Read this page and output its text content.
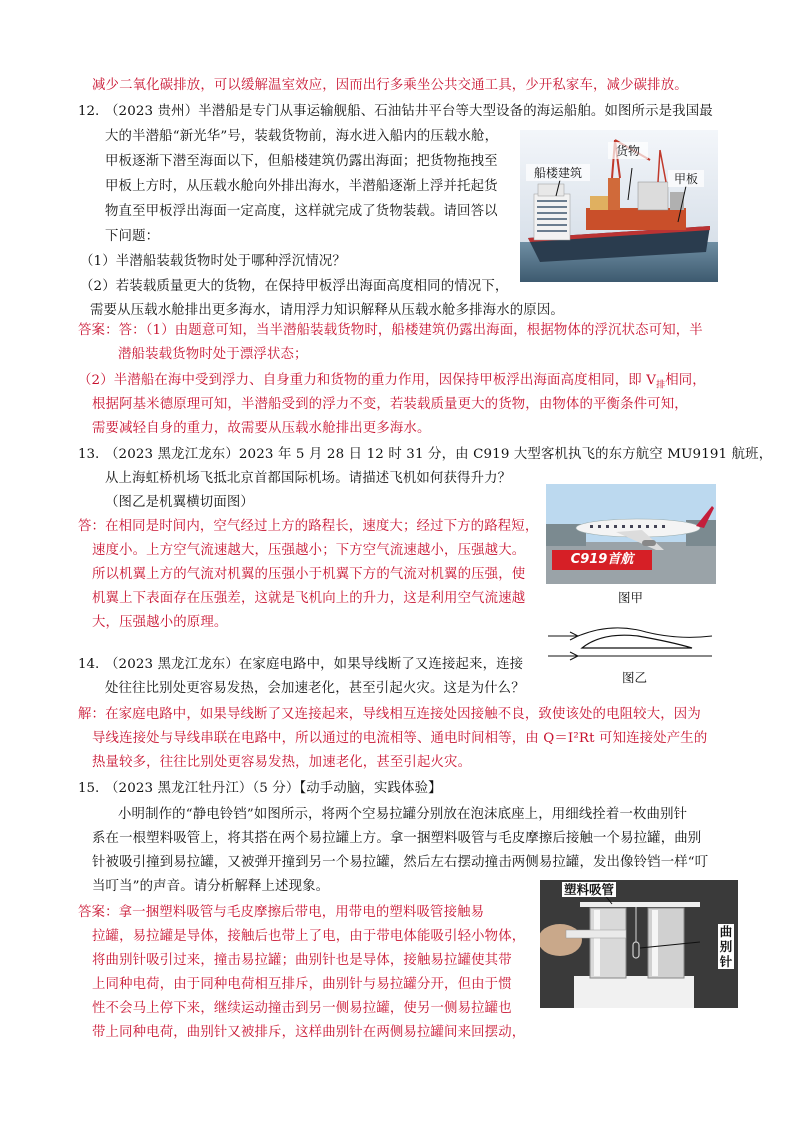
减少二氧化碳排放，可以缓解温室效应，因而出行多乘坐公共交通工具，少开私家车，减少碳排放。
12. （2023 贵州）半潜船是专门从事运输舰船、石油钻井平台等大型设备的海运船舶。如图所示是我国最
大的半潜船“新光华”号，装载货物前，海水进入船内的压载水舱，
甲板逐渐下潜至海面以下，但船楼建筑仍露出海面；把货物拖拽至
甲板上方时，从压载水舱向外排出海水，半潜船逐渐上浮并托起货
物直至甲板浮出海面一定高度，这样就完成了货物装载。请回答以
下问题：
（1）半潜船装载货物时处于哪种浮沉情况？
（2）若装载质量更大的货物，在保持甲板浮出海面高度相同的情况下，
需要从压载水舱排出更多海水，请用浮力知识解释从压载水舱多排海水的原因。
货物
船楼建筑	甲板
答案：答：（1）由题意可知，当半潜船装载货物时，船楼建筑仍露出海面，根据物体的浮沉状态可知，半
潜船装载货物时处于漂浮状态；
（2）半潜船在海中受到浮力、自身重力和货物的重力作用，因保持甲板浮出海面高度相同，即 $V_排$相同，
根据阿基米德原理可知，半潜船受到的浮力不变，若装载质量更大的货物，由物体的平衡条件可知，
需要减轻自身的重力，故需要从压载水舱排出更多海水。
13. （2023 黑龙江龙东）2023 年 5 月 28 日 12 时 31 分，由 C919 大型客机执飞的东方航空 MU9191 航班，
从上海虹桥机场飞抵北京首都国际机场。请描述飞机如何获得升力？
（图乙是机翼横切面图）
答：在相同是时间内，空气经过上方的路程长，速度大；经过下方的路程短，
速度小。上方空气流速越大，压强越小；下方空气流速越小，压强越大。
所以机翼上方的气流对机翼的压强小于机翼下方的气流对机翼的压强，使
机翼上下表面存在压强差，这就是飞机向上的升力，这是利用空气流速越
大，压强越小的原理。
C919首航
图甲
图乙
14. （2023 黑龙江龙东）在家庭电路中，如果导线断了又连接起来，连接
处往往比别处更容易发热，会加速老化，甚至引起火灾。这是为什么？
解：在家庭电路中，如果导线断了又连接起来，导线相互连接处因接触不良，致使该处的电阻较大，因为
导线连接处与导线串联在电路中，所以通过的电流相等、通电时间相等，由 Q＝I²Rt 可知连接处产生的
热量较多，往往比别处更容易发热，加速老化，甚至引起火灾。
15. （2023 黑龙江牡丹江）（5 分）【动手动脑，实践体验】
小明制作的“静电铃铛”如图所示，将两个空易拉罐分别放在泡沫底座上，用细线拴着一枚曲别针
系在一根塑料吸管上，将其搭在两个易拉罐上方。拿一捆塑料吸管与毛皮摩擦后接触一个易拉罐，曲别
针被吸引撞到易拉罐，又被弹开撞到另一个易拉罐，然后左右摆动撞击两侧易拉罐，发出像铃铛一样“叮
当叮当”的声音。请分析解释上述现象。
答案：拿一捆塑料吸管与毛皮摩擦后带电，用带电的塑料吸管接触易
拉罐，易拉罐是导体，接触后也带上了电，由于带电体能吸引轻小物体，
将曲别针吸引过来，撞击易拉罐；曲别针也是导体，接触易拉罐使其带
上同种电荷，由于同种电荷相互排斥，曲别针与易拉罐分开，但由于惯
性不会马上停下来，继续运动撞击到另一侧易拉罐，使另一侧易拉罐也
带上同种电荷，曲别针又被排斥，这样曲别针在两侧易拉罐间来回摆动，
塑料吸管
曲别针
